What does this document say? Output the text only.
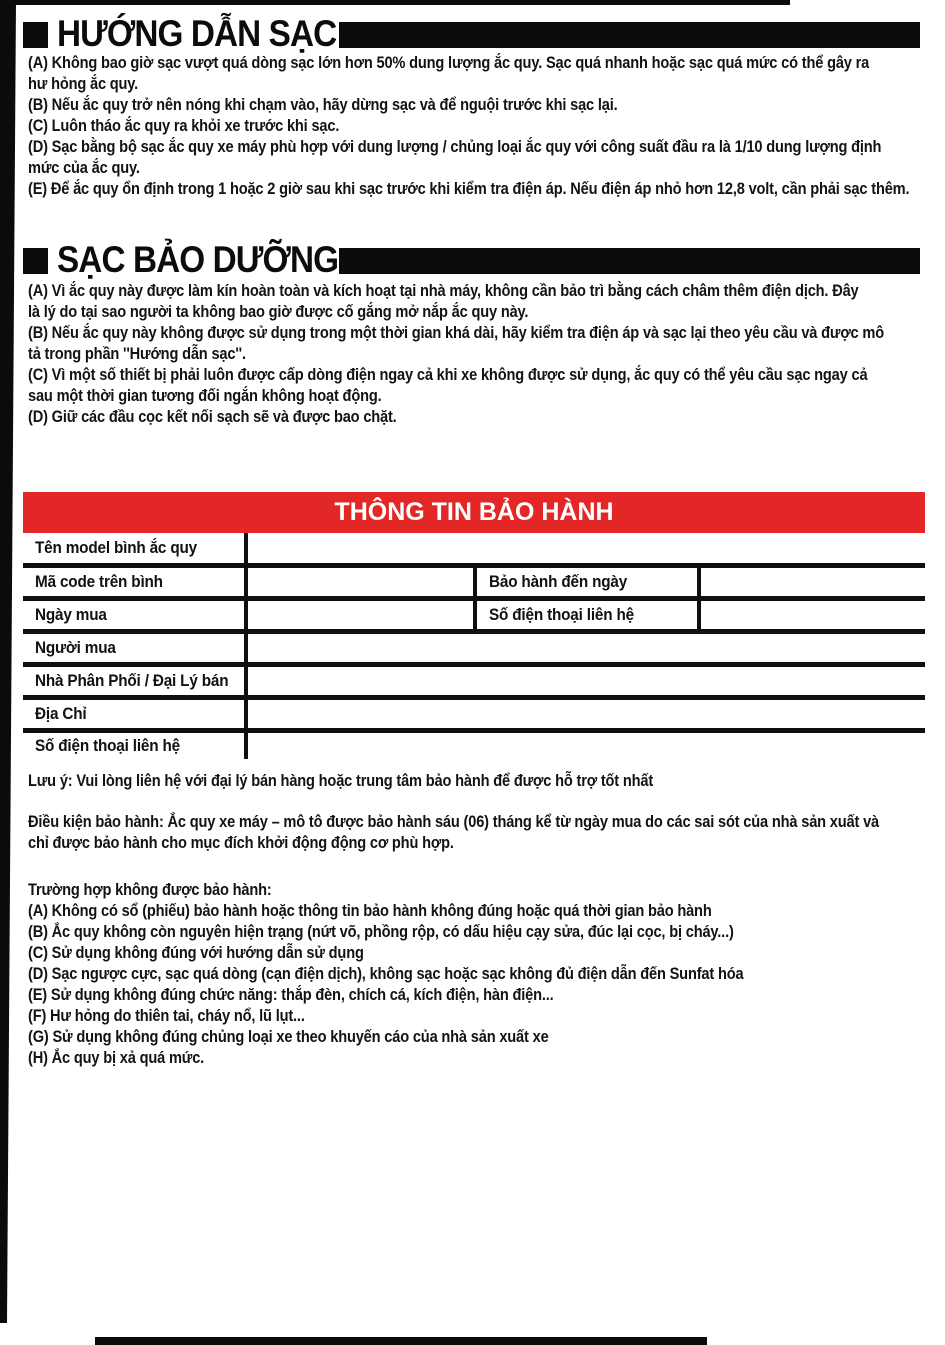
HƯỚNG DẪN SẠC
(A) Không bao giờ sạc vượt quá dòng sạc lớn hơn 50% dung lượng ắc quy. Sạc quá nhanh hoặc sạc quá mức có thể gây ra
hư hỏng ắc quy.
(B) Nếu ắc quy trở nên nóng khi chạm vào, hãy dừng sạc và để nguội trước khi sạc lại.
(C) Luôn tháo ắc quy ra khỏi xe trước khi sạc.
(D) Sạc bằng bộ sạc ắc quy xe máy phù hợp với dung lượng / chủng loại ắc quy với công suất đầu ra là 1/10 dung lượng định
mức của ắc quy.
(E) Để ắc quy ổn định trong 1 hoặc 2 giờ sau khi sạc trước khi kiểm tra điện áp. Nếu điện áp nhỏ hơn 12,8 volt, cần phải sạc thêm.
SẠC BẢO DƯỠNG
(A) Vì ắc quy này được làm kín hoàn toàn và kích hoạt tại nhà máy, không cần bảo trì bằng cách châm thêm điện dịch. Đây
là lý do tại sao người ta không bao giờ được cố gắng mở nắp ắc quy này.
(B) Nếu ắc quy này không được sử dụng trong một thời gian khá dài, hãy kiểm tra điện áp và sạc lại theo yêu cầu và được mô
tả trong phần ''Hướng dẫn sạc''.
(C) Vì một số thiết bị phải luôn được cấp dòng điện ngay cả khi xe không được sử dụng, ắc quy có thể yêu cầu sạc ngay cả
sau một thời gian tương đối ngắn không hoạt động.
(D) Giữ các đầu cọc kết nối sạch sẽ và được bao chặt.
THÔNG TIN BẢO HÀNH
Tên model bình ắc quy
Mã code trên bình	Bảo hành đến ngày
Ngày mua	Số điện thoại liên hệ
Người mua
Nhà Phân Phối / Đại Lý bán
Địa Chỉ
Số điện thoại liên hệ
Lưu ý: Vui lòng liên hệ với đại lý bán hàng hoặc trung tâm bảo hành để được hỗ trợ tốt nhất
Điều kiện bảo hành: Ắc quy xe máy – mô tô được bảo hành sáu (06) tháng kể từ ngày mua do các sai sót của nhà sản xuất và
chỉ được bảo hành cho mục đích khởi động động cơ phù hợp.
Trường hợp không được bảo hành:
(A) Không có sổ (phiếu) bảo hành hoặc thông tin bảo hành không đúng hoặc quá thời gian bảo hành
(B) Ắc quy không còn nguyên hiện trạng (nứt võ, phồng rộp, có dấu hiệu cạy sửa, đúc lại cọc, bị cháy...)
(C) Sử dụng không đúng với hướng dẫn sử dụng
(D) Sạc ngược cực, sạc quá dòng (cạn điện dịch), không sạc hoặc sạc không đủ điện dẫn đến Sunfat hóa
(E) Sử dụng không đúng chức năng: thắp đèn, chích cá, kích điện, hàn điện...
(F) Hư hỏng do thiên tai, cháy nổ, lũ lụt...
(G) Sử dụng không đúng chủng loại xe theo khuyến cáo của nhà sản xuất xe
(H) Ắc quy bị xả quá mức.
